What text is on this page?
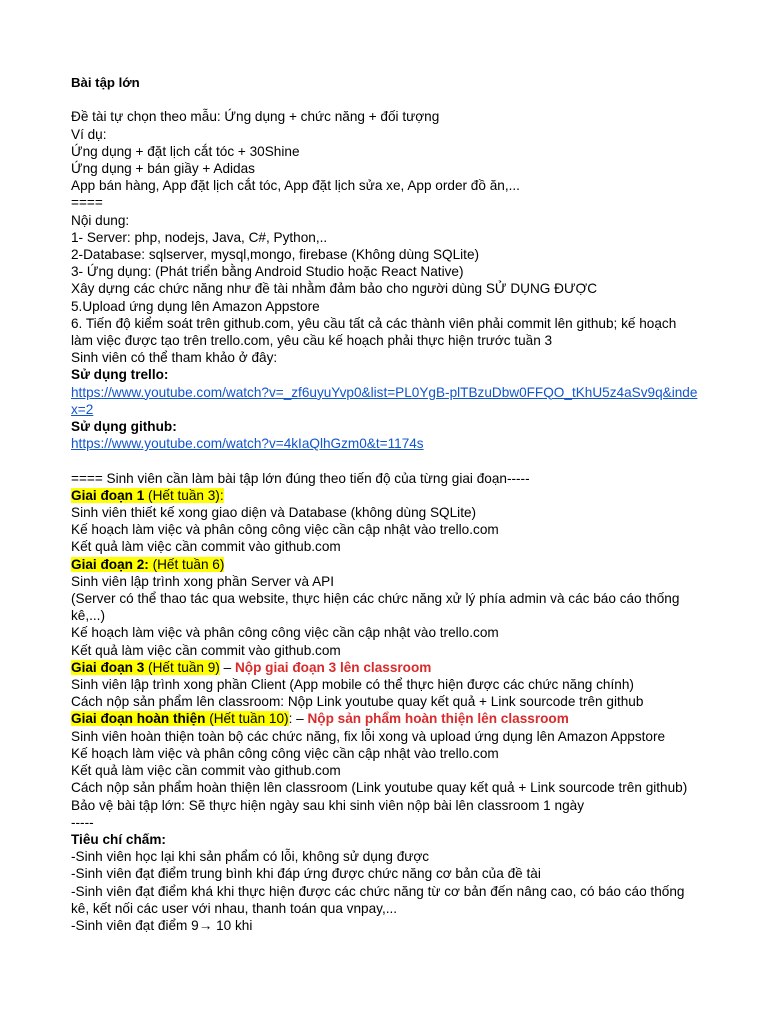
Bài tập lớn

Đề tài tự chọn theo mẫu: Ứng dụng + chức năng + đối tượng

Ví dụ:

Ứng dụng + đặt lịch cắt tóc + 30Shine

Ứng dụng + bán giầy + Adidas

App bán hàng, App đặt lịch cắt tóc, App đặt lịch sửa xe, App order đồ ăn,...

====

Nội dung:

1- Server: php, nodejs, Java, C#, Python,..

2-Database: sqlserver, mysql,mongo, firebase (Không dùng SQLite)

3- Ứng dụng: (Phát triển bằng Android Studio hoặc React Native)

Xây dựng các chức năng như đề tài nhằm đảm bảo cho người dùng SỬ DỤNG ĐƯỢC

5.Upload ứng dụng lên Amazon Appstore

6. Tiến độ kiểm soát trên github.com, yêu cầu tất cả các thành viên phải commit lên github; kế hoạch làm việc được tạo trên trello.com, yêu cầu kế hoạch phải thực hiện trước tuần 3

Sinh viên có thể tham khảo ở đây:

Sử dụng trello:

https://www.youtube.com/watch?v=_zf6uyuYvp0&list=PL0YgB-plTBzuDbw0FFQO_tKhU5z4aSv9q&index=2

Sử dụng github:

https://www.youtube.com/watch?v=4kIaQlhGzm0&t=1174s

==== Sinh viên cần làm bài tập lớn đúng theo tiến độ của từng giai đoạn-----

Giai đoạn 1 (Hết tuần 3):

Sinh viên thiết kế xong giao diện và Database (không dùng SQLite)

Kế hoạch làm việc và phân công công việc cần cập nhật vào trello.com

Kết quả làm việc cần commit vào github.com

Giai đoạn 2: (Hết tuần 6)

Sinh viên lập trình xong phần Server và API

(Server có thể thao tác qua website, thực hiện các chức năng xử lý phía admin và các báo cáo thống kê,...)

Kế hoạch làm việc và phân công công việc cần cập nhật vào trello.com

Kết quả làm việc cần commit vào github.com

Giai đoạn 3 (Hết tuần 9) – Nộp giai đoạn 3 lên classroom

Sinh viên lập trình xong phần Client (App mobile có thể thực hiện được các chức năng chính)

Cách nộp sản phẩm lên classroom: Nộp Link youtube quay kết quả + Link sourcode trên github

Giai đoạn hoàn thiện (Hết tuần 10): – Nộp sản phẩm hoàn thiện lên classroom

Sinh viên hoàn thiện toàn bộ các chức năng, fix lỗi xong và upload ứng dụng lên Amazon Appstore

Kế hoạch làm việc và phân công công việc cần cập nhật vào trello.com

Kết quả làm việc cần commit vào github.com

Cách nộp sản phẩm hoàn thiện lên classroom (Link youtube quay kết quả + Link sourcode trên github)

Bảo vệ bài tập lớn: Sẽ thực hiện ngày sau khi sinh viên nộp bài lên classroom 1 ngày

-----

Tiêu chí chấm:

-Sinh viên học lại khi sản phẩm có lỗi, không sử dụng được

-Sinh viên đạt điểm trung bình khi đáp ứng được chức năng cơ bản của đề tài

-Sinh viên đạt điểm khá khi thực hiện được các chức năng từ cơ bản đến nâng cao, có báo cáo thống kê, kết nối các user với nhau, thanh toán qua vnpay,...

-Sinh viên đạt điểm 9→ 10 khi
